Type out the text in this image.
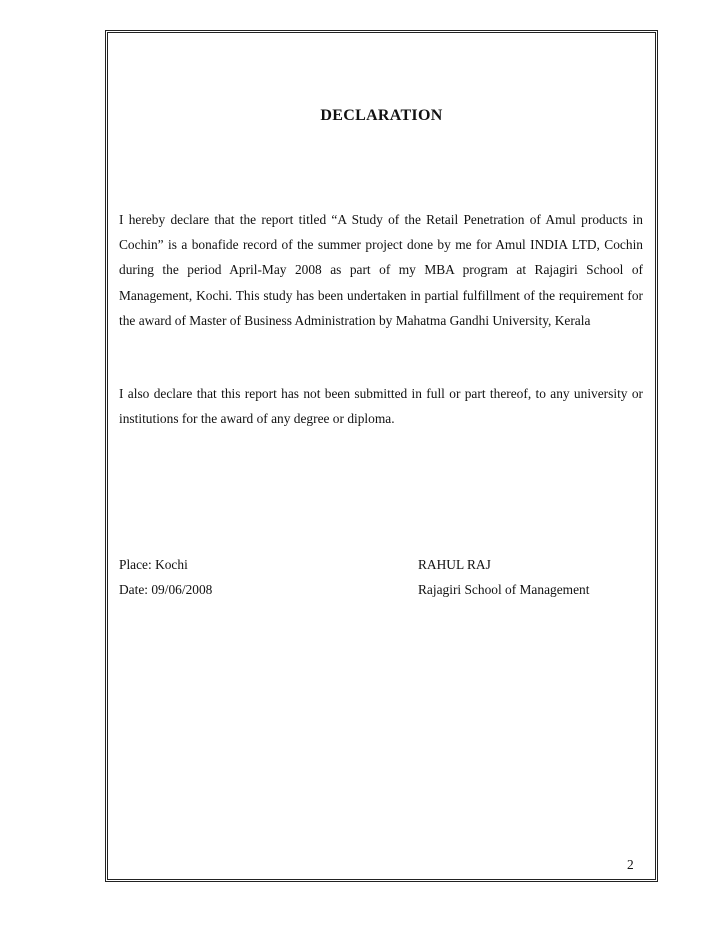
DECLARATION

I hereby declare that the report titled “A Study of the Retail Penetration of Amul products in Cochin” is a bonafide record of the summer project done by me for Amul INDIA LTD, Cochin during the period April-May 2008 as part of my MBA program at Rajagiri School of Management, Kochi. This study has been undertaken in partial fulfillment of the requirement for the award of Master of Business Administration by Mahatma Gandhi University, Kerala

I also declare that this report has not been submitted in full or part thereof, to any university or institutions for the award of any degree or diploma.

Place: Kochi

Date: 09/06/2008

RAHUL RAJ

Rajagiri School of Management

2
